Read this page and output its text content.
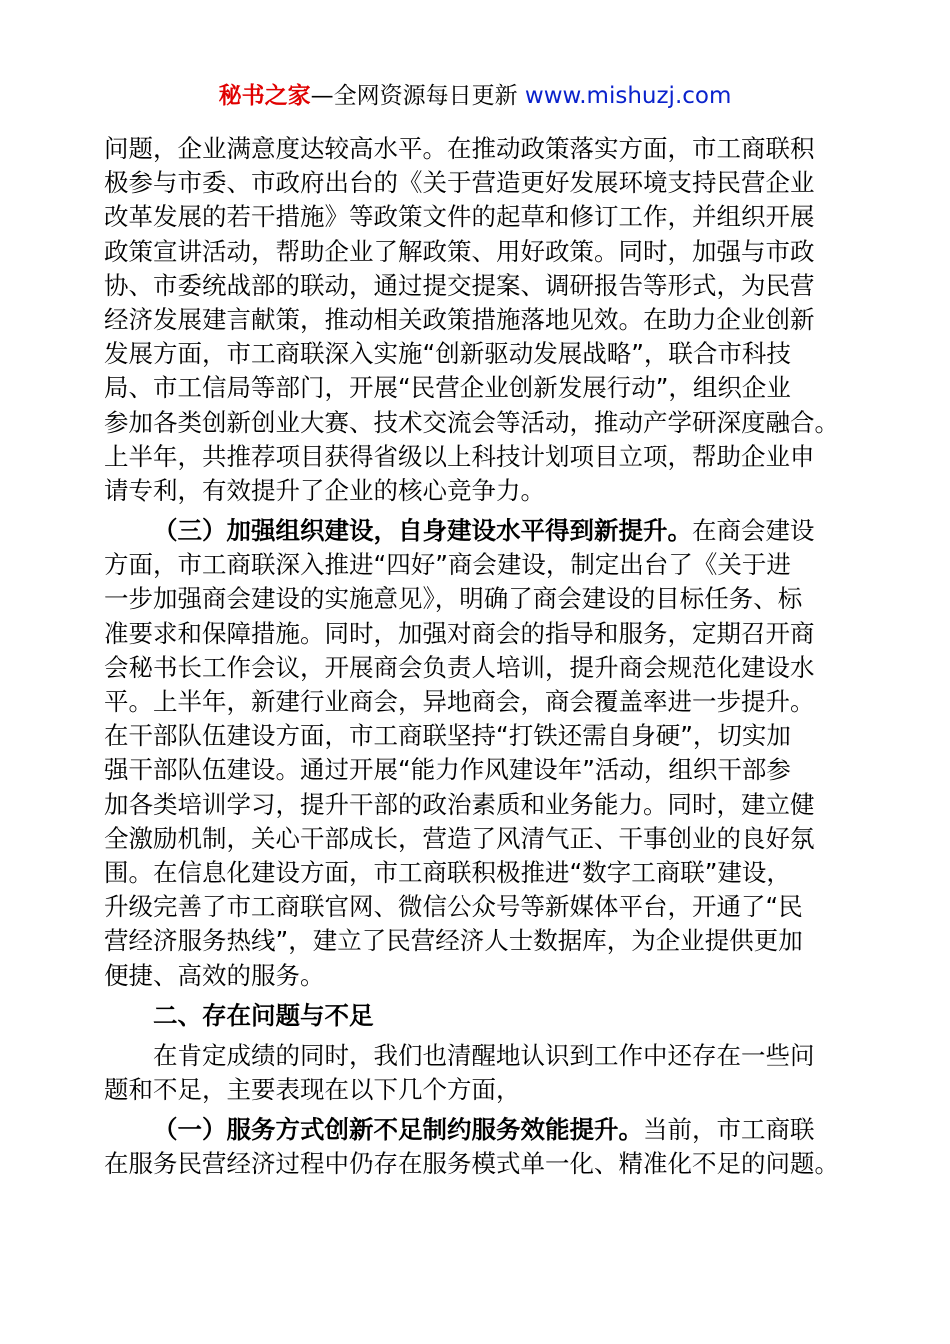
秘书之家—全网资源每日更新 www.mishuzj.com
问题，企业满意度达较高水平。在推动政策落实方面，市工商联积
极参与市委、市政府出台的《关于营造更好发展环境支持民营企业
改革发展的若干措施》等政策文件的起草和修订工作，并组织开展
政策宣讲活动，帮助企业了解政策、用好政策。同时，加强与市政
协、市委统战部的联动，通过提交提案、调研报告等形式，为民营
经济发展建言献策，推动相关政策措施落地见效。在助力企业创新
发展方面，市工商联深入实施“创新驱动发展战略”，联合市科技
局、市工信局等部门，开展“民营企业创新发展行动”，组织企业
参加各类创新创业大赛、技术交流会等活动，推动产学研深度融合。
上半年，共推荐项目获得省级以上科技计划项目立项，帮助企业申
请专利，有效提升了企业的核心竞争力。
（三）加强组织建设，自身建设水平得到新提升。在商会建设
方面，市工商联深入推进“四好”商会建设，制定出台了《关于进
一步加强商会建设的实施意见》，明确了商会建设的目标任务、标
准要求和保障措施。同时，加强对商会的指导和服务，定期召开商
会秘书长工作会议，开展商会负责人培训，提升商会规范化建设水
平。上半年，新建行业商会，异地商会，商会覆盖率进一步提升。
在干部队伍建设方面，市工商联坚持“打铁还需自身硬”，切实加
强干部队伍建设。通过开展“能力作风建设年”活动，组织干部参
加各类培训学习，提升干部的政治素质和业务能力。同时，建立健
全激励机制，关心干部成长，营造了风清气正、干事创业的良好氛
围。在信息化建设方面，市工商联积极推进“数字工商联”建设，
升级完善了市工商联官网、微信公众号等新媒体平台，开通了“民
营经济服务热线”，建立了民营经济人士数据库，为企业提供更加
便捷、高效的服务。
二、存在问题与不足
在肯定成绩的同时，我们也清醒地认识到工作中还存在一些问
题和不足，主要表现在以下几个方面，
（一）服务方式创新不足制约服务效能提升。当前，市工商联
在服务民营经济过程中仍存在服务模式单一化、精准化不足的问题。
